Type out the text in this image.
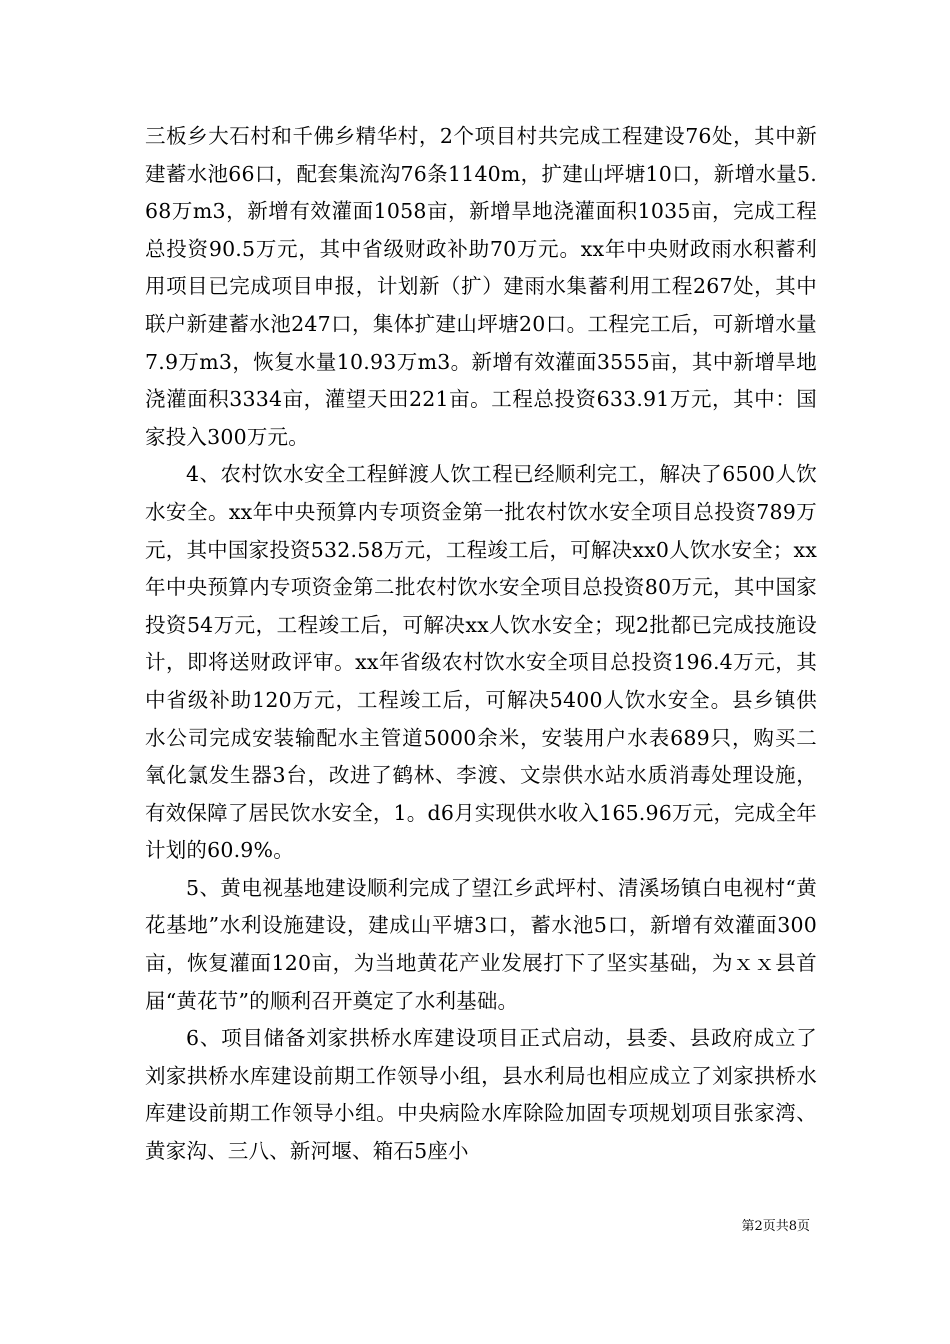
三板乡大石村和千佛乡精华村，2个项目村共完成工程建设76处，其中新建蓄水池66口，配套集流沟76条1140m，扩建山坪塘10口，新增水量5.68万m3，新增有效灌面1058亩，新增旱地浇灌面积1035亩，完成工程总投资90.5万元，其中省级财政补助70万元。xx年中央财政雨水积蓄利用项目已完成项目申报，计划新（扩）建雨水集蓄利用工程267处，其中联户新建蓄水池247口，集体扩建山坪塘20口。工程完工后，可新增水量7.9万m3，恢复水量10.93万m3。新增有效灌面3555亩，其中新增旱地浇灌面积3334亩，灌望天田221亩。工程总投资633.91万元，其中：国家投入300万元。

4、农村饮水安全工程鲜渡人饮工程已经顺利完工，解决了6500人饮水安全。xx年中央预算内专项资金第一批农村饮水安全项目总投资789万元，其中国家投资532.58万元，工程竣工后，可解决xx0人饮水安全；xx年中央预算内专项资金第二批农村饮水安全项目总投资80万元，其中国家投资54万元，工程竣工后，可解决xx人饮水安全；现2批都已完成技施设计，即将送财政评审。xx年省级农村饮水安全项目总投资196.4万元，其中省级补助120万元，工程竣工后，可解决5400人饮水安全。县乡镇供水公司完成安装输配水主管道5000余米，安装用户水表689只，购买二氧化氯发生器3台，改进了鹤林、李渡、文崇供水站水质消毒处理设施，有效保障了居民饮水安全，1。d6月实现供水收入165.96万元，完成全年计划的60.9%。

5、黄电视基地建设顺利完成了望江乡武坪村、清溪场镇白电视村“黄花基地”水利设施建设，建成山平塘3口，蓄水池5口，新增有效灌面300亩，恢复灌面120亩，为当地黄花产业发展打下了坚实基础，为ｘｘ县首届“黄花节”的顺利召开奠定了水利基础。

6、项目储备刘家拱桥水库建设项目正式启动，县委、县政府成立了刘家拱桥水库建设前期工作领导小组，县水利局也相应成立了刘家拱桥水库建设前期工作领导小组。中央病险水库除险加固专项规划项目张家湾、黄家沟、三八、新河堰、箱石5座小

第2页共8页
